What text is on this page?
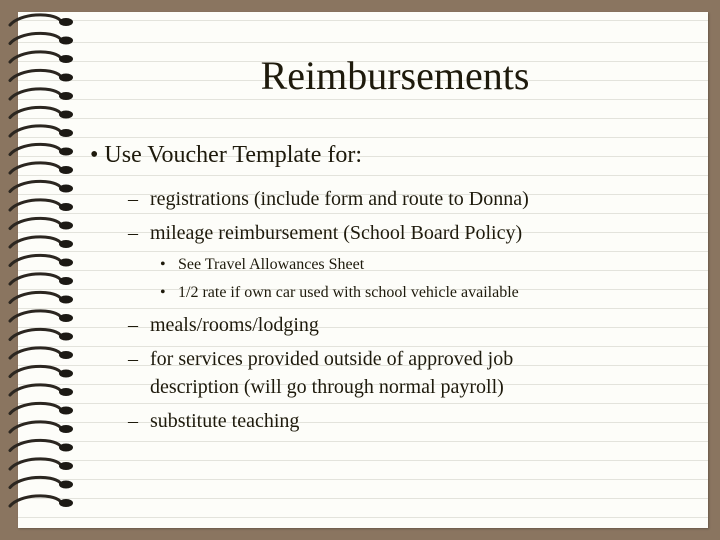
Reimbursements
• Use Voucher Template for:
– registrations (include form and route to Donna)
– mileage reimbursement (School Board Policy)
• See Travel Allowances Sheet
• 1/2 rate if own car used with school vehicle available
– meals/rooms/lodging
– for services provided outside of approved job
description (will go through normal payroll)
– substitute teaching
